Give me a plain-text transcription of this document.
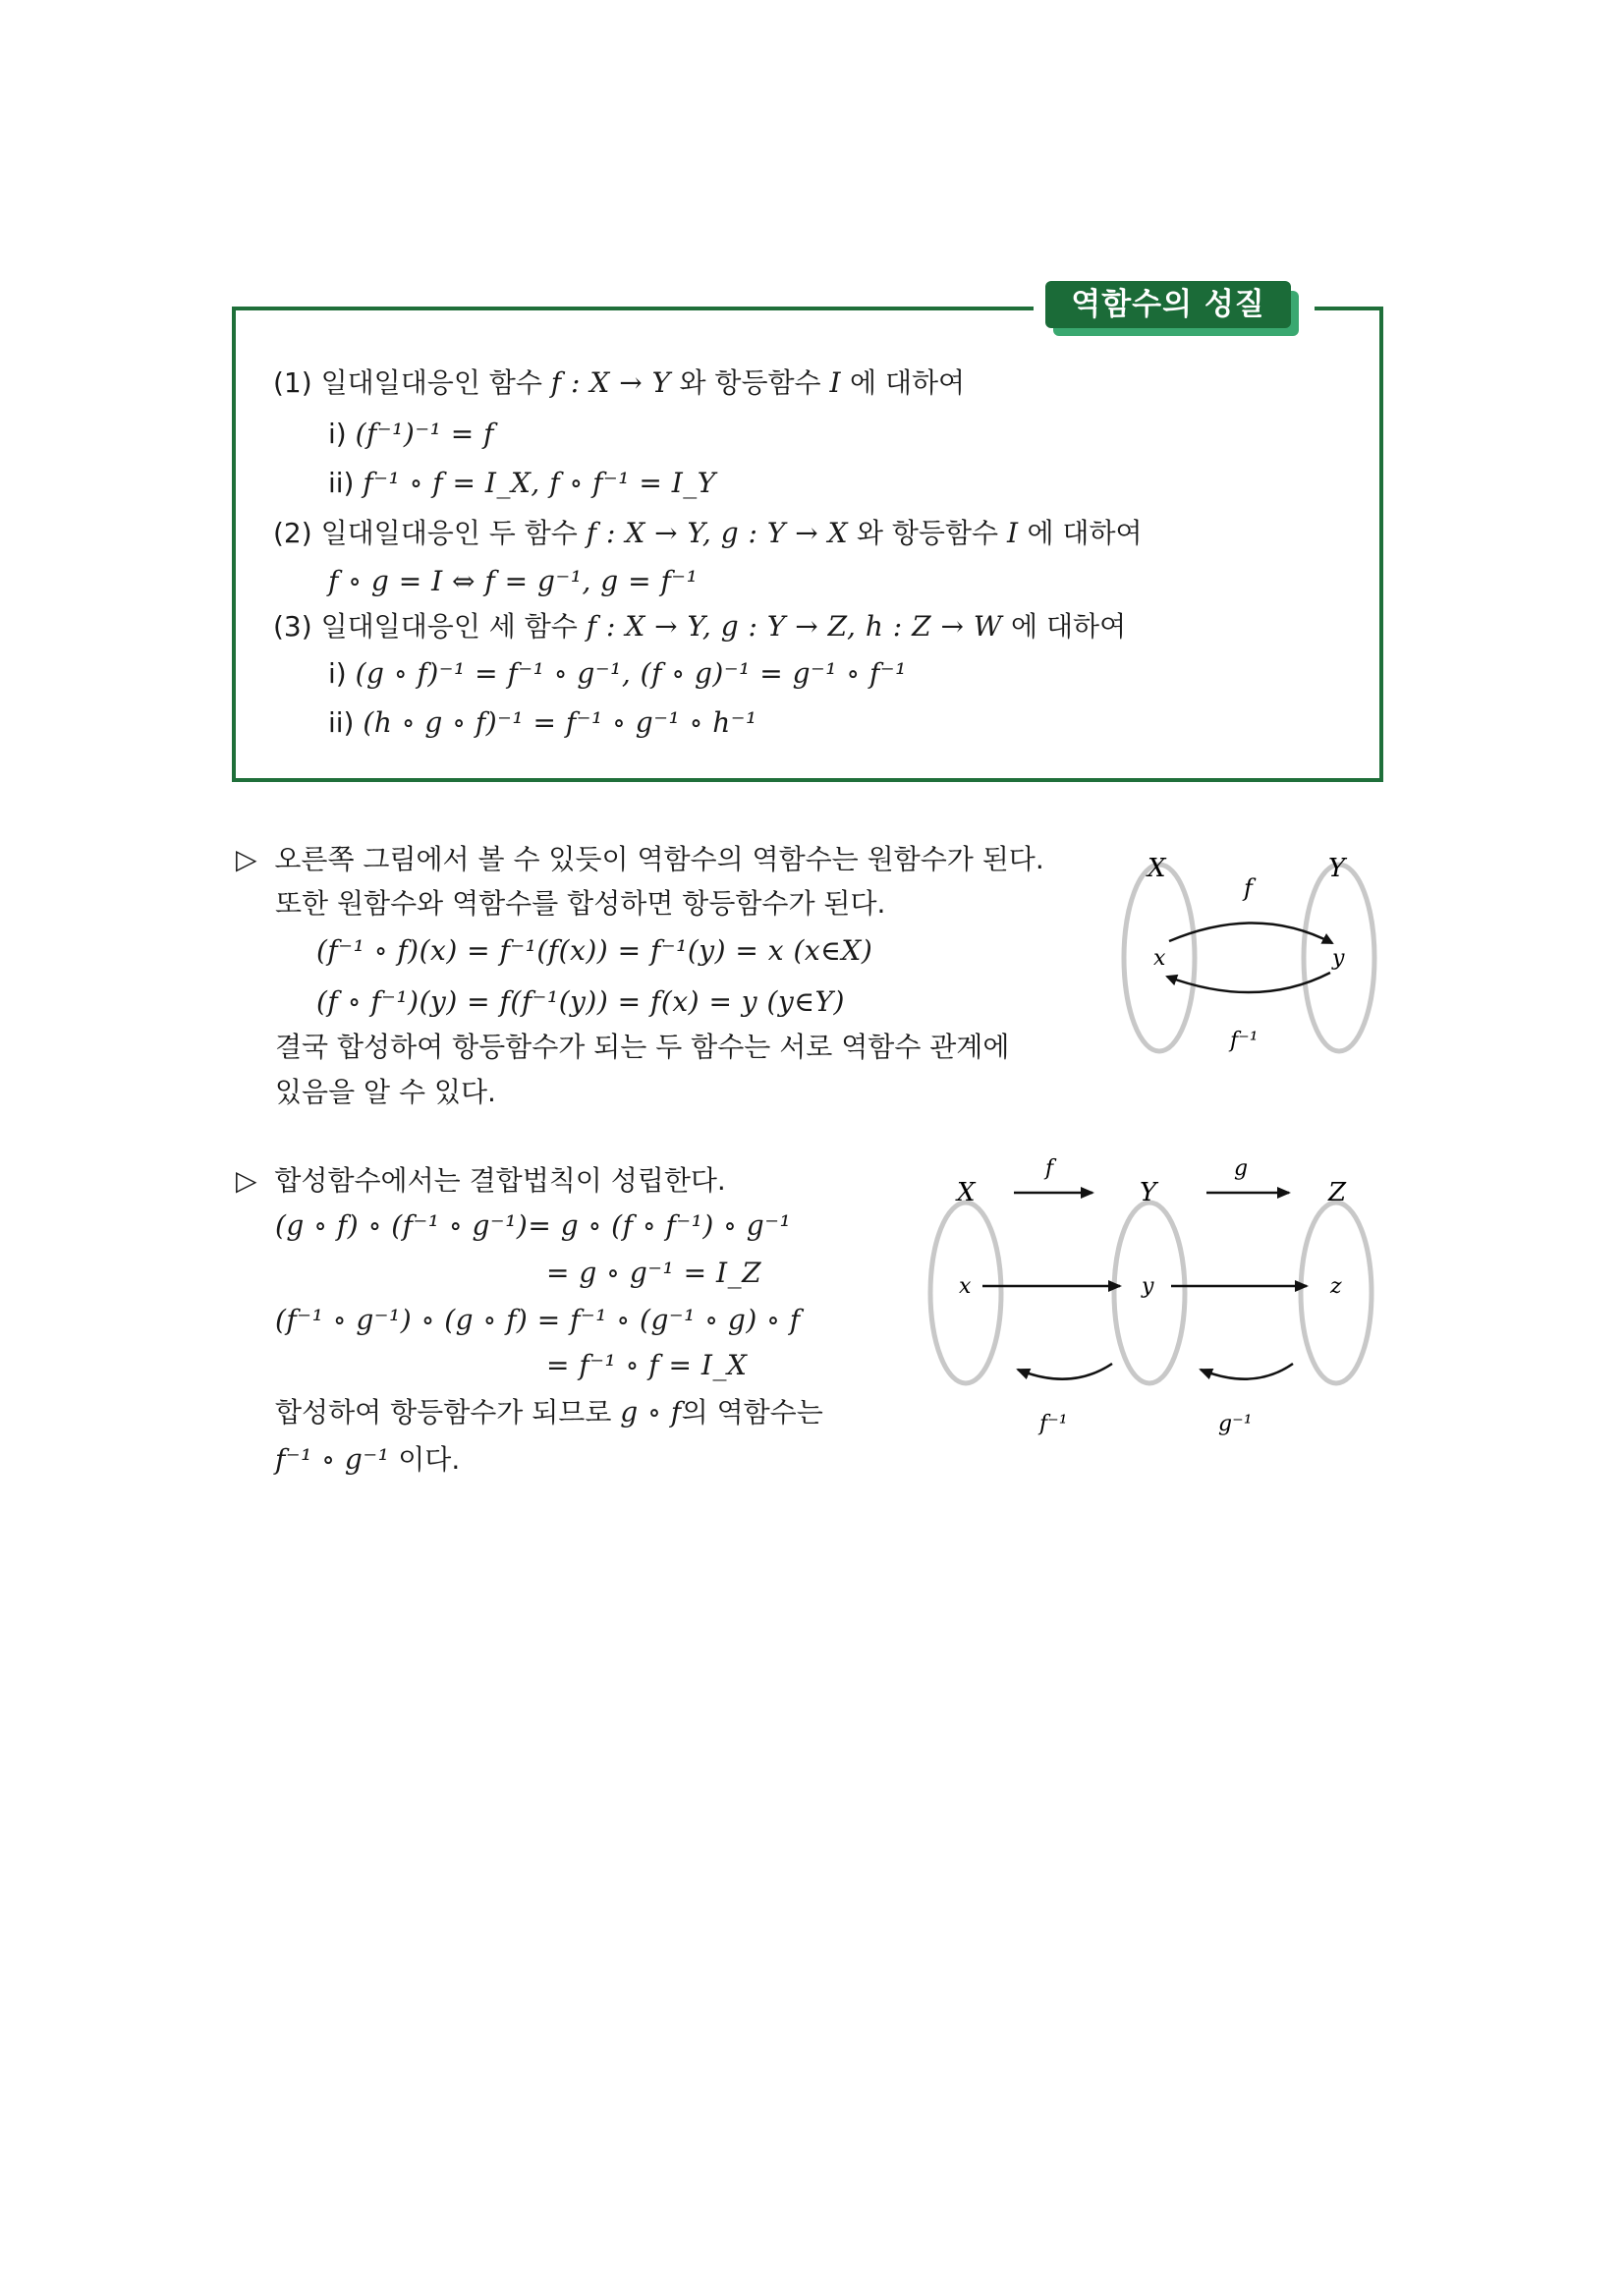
역함수의 성질
(1) 일대일대응인 함수 f : X → Y 와 항등함수 I 에 대하여
i) (f⁻¹)⁻¹ = f
ii) f⁻¹ ∘ f = I_X, f ∘ f⁻¹ = I_Y
(2) 일대일대응인 두 함수 f : X → Y, g : Y → X 와 항등함수 I 에 대하여
f ∘ g = I ⇔ f = g⁻¹, g = f⁻¹
(3) 일대일대응인 세 함수 f : X → Y, g : Y → Z, h : Z → W 에 대하여
i) (g ∘ f)⁻¹ = f⁻¹ ∘ g⁻¹, (f ∘ g)⁻¹ = g⁻¹ ∘ f⁻¹
ii) (h ∘ g ∘ f)⁻¹ = f⁻¹ ∘ g⁻¹ ∘ h⁻¹
▷ 오른쪽 그림에서 볼 수 있듯이 역함수의 역함수는 원함수가 된다.
또한 원함수와 역함수를 합성하면 항등함수가 된다.
(f⁻¹ ∘ f)(x) = f⁻¹(f(x)) = f⁻¹(y) = x (x∈X)
(f ∘ f⁻¹)(y) = f(f⁻¹(y)) = f(x) = y (y∈Y)
결국 합성하여 항등함수가 되는 두 함수는 서로 역함수 관계에
있음을 알 수 있다.
X	Y
x	y
f
f⁻¹
▷ 합성함수에서는 결합법칙이 성립한다.
(g ∘ f) ∘ (f⁻¹ ∘ g⁻¹)= g ∘ (f ∘ f⁻¹) ∘ g⁻¹
= g ∘ g⁻¹ = I_Z
(f⁻¹ ∘ g⁻¹) ∘ (g ∘ f) = f⁻¹ ∘ (g⁻¹ ∘ g) ∘ f
= f⁻¹ ∘ f = I_X
합성하여 항등함수가 되므로 g ∘ f의 역함수는
f⁻¹ ∘ g⁻¹ 이다.
X	Y	Z
f	g
x	y	z
f⁻¹	g⁻¹
